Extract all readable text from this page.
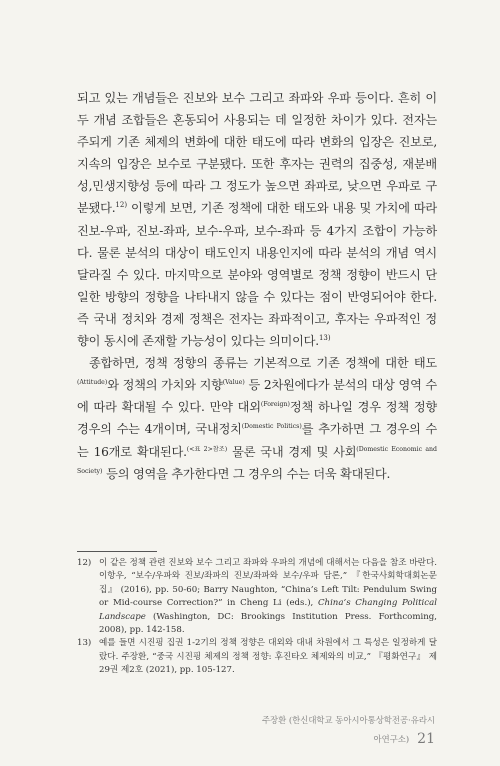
되고 있는 개념들은 진보와 보수 그리고 좌파와 우파 등이다. 흔히 이두 개념 조합들은 혼동되어 사용되는 데 일정한 차이가 있다. 전자는주되게 기존 체제의 변화에 대한 태도에 따라 변화의 입장은 진보로,지속의 입장은 보수로 구분됐다. 또한 후자는 권력의 집중성, 재분배성,민생지향성 등에 따라 그 정도가 높으면 좌파로, 낮으면 우파로 구분됐다.$^{12)}$ 이렇게 보면, 기존 정책에 대한 태도와 내용 및 가치에 따라 진보-우파, 진보-좌파, 보수-우파, 보수-좌파 등 4가지 조합이 가능하다. 물론 분석의 대상이 태도인지 내용인지에 따라 분석의 개념 역시 달라질 수 있다. 마지막으로 분야와 영역별로 정책 정향이 반드시 단일한 방향의 정향을 나타내지 않을 수 있다는 점이 반영되어야 한다. 즉 국내 정치와 경제 정책은 전자는 좌파적이고, 후자는 우파적인 정향이 동시에 존재할 가능성이 있다는 의미이다.$^{13)}$

종합하면, 정책 정향의 종류는 기본적으로 기존 정책에 대한 태도$^{(Attitude)}$와 정책의 가치와 지향$^{(Value)}$ 등 2차원에다가 분석의 대상 영역 수에 따라 확대될 수 있다. 만약 대외$^{(Foreign)}$정책 하나일 경우 정책 정향 경우의 수는 4개이며, 국내정치$^{(Domestic Politics)}$를 추가하면 그 경우의 수는 16개로 확대된다.$^{(<표 2>참조)}$ 물론 국내 경제 및 사회$^{(Domestic Economic and Society)}$ 등의 영역을 추가한다면 그 경우의 수는 더욱 확대된다.

12) 이 같은 정책 관련 진보와 보수 그리고 좌파와 우파의 개념에 대해서는 다음을 참조 바란다. 이항우, “보수/우파와 진보/좌파의 진보/좌파와 보수/우파 담론,” 『한국사회학대회논문집』 (2016), pp. 50-60; Barry Naughton, “China’s Left Tilt: Pendulum Swing or Mid-course Correction?” in Cheng Li (eds.), China’s Changing Political Landscape (Washington, DC: Brookings Institution Press. Forthcoming, 2008), pp. 142-158.
13) 예를 들면 시진핑 집권 1-2기의 정책 정향은 대외와 대내 차원에서 그 특성은 일정하게 달랐다. 주장환, “중국 시진핑 체제의 정책 정향: 후진타오 체제와의 비교,” 『평화연구』 제29권 제2호 (2021), pp. 105-127.
주장환 (한신대학교 동아시아통상학전공·유라시아연구소) 21
